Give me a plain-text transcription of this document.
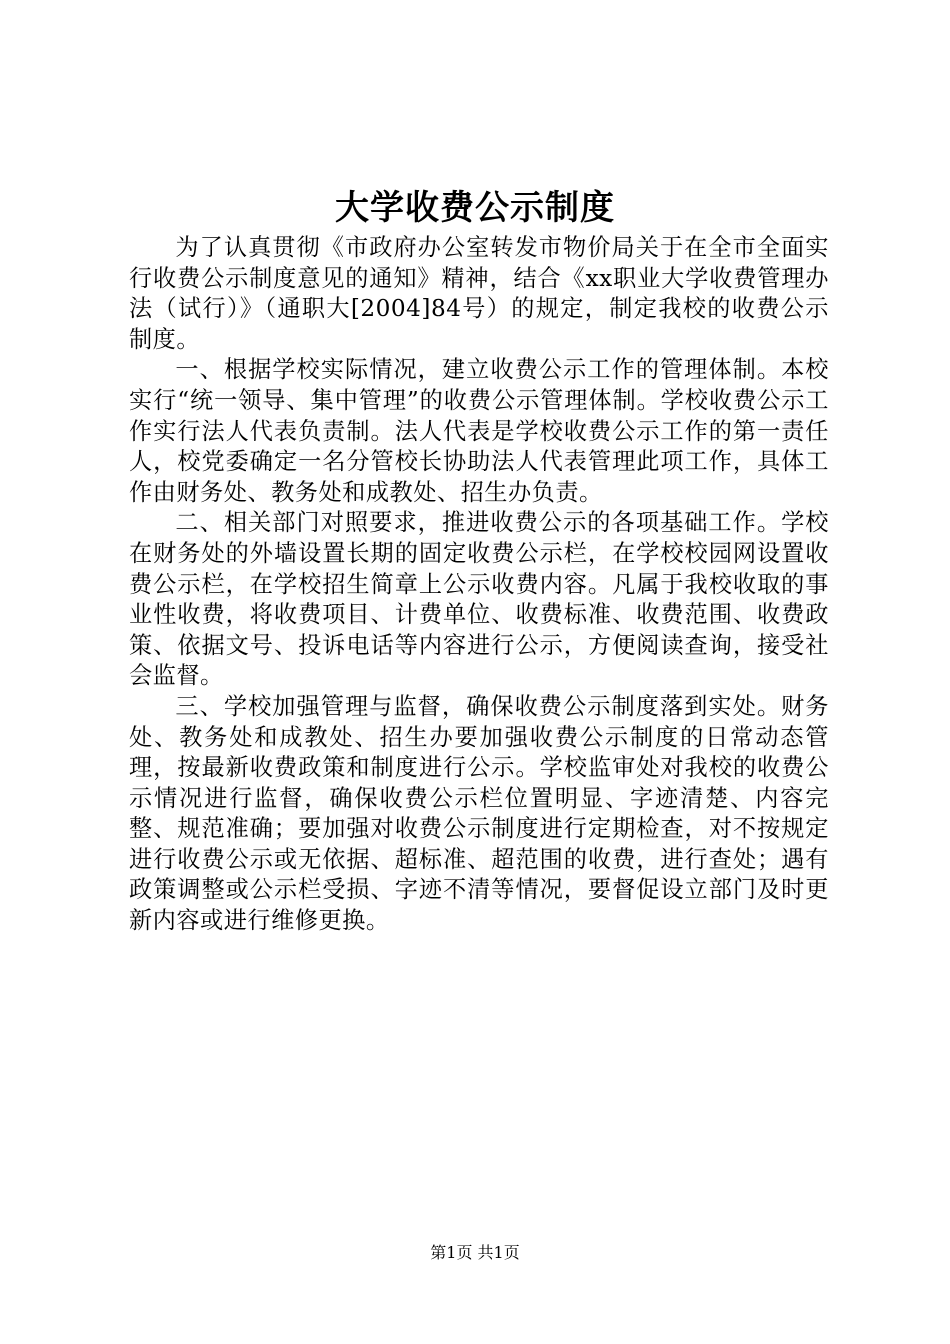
大学收费公示制度

为了认真贯彻《市政府办公室转发市物价局关于在全市全面实行收费公示制度意见的通知》精神，结合《xx职业大学收费管理办法（试行）》（通职大[2004]84号）的规定，制定我校的收费公示制度。

一、根据学校实际情况，建立收费公示工作的管理体制。本校实行“统一领导、集中管理”的收费公示管理体制。学校收费公示工作实行法人代表负责制。法人代表是学校收费公示工作的第一责任人，校党委确定一名分管校长协助法人代表管理此项工作，具体工作由财务处、教务处和成教处、招生办负责。

二、相关部门对照要求，推进收费公示的各项基础工作。学校在财务处的外墙设置长期的固定收费公示栏，在学校校园网设置收费公示栏，在学校招生简章上公示收费内容。凡属于我校收取的事业性收费，将收费项目、计费单位、收费标准、收费范围、收费政策、依据文号、投诉电话等内容进行公示，方便阅读查询，接受社会监督。

三、学校加强管理与监督，确保收费公示制度落到实处。财务处、教务处和成教处、招生办要加强收费公示制度的日常动态管理，按最新收费政策和制度进行公示。学校监审处对我校的收费公示情况进行监督，确保收费公示栏位置明显、字迹清楚、内容完整、规范准确；要加强对收费公示制度进行定期检查，对不按规定进行收费公示或无依据、超标准、超范围的收费，进行查处；遇有政策调整或公示栏受损、字迹不清等情况，要督促设立部门及时更新内容或进行维修更换。

第1页 共1页
